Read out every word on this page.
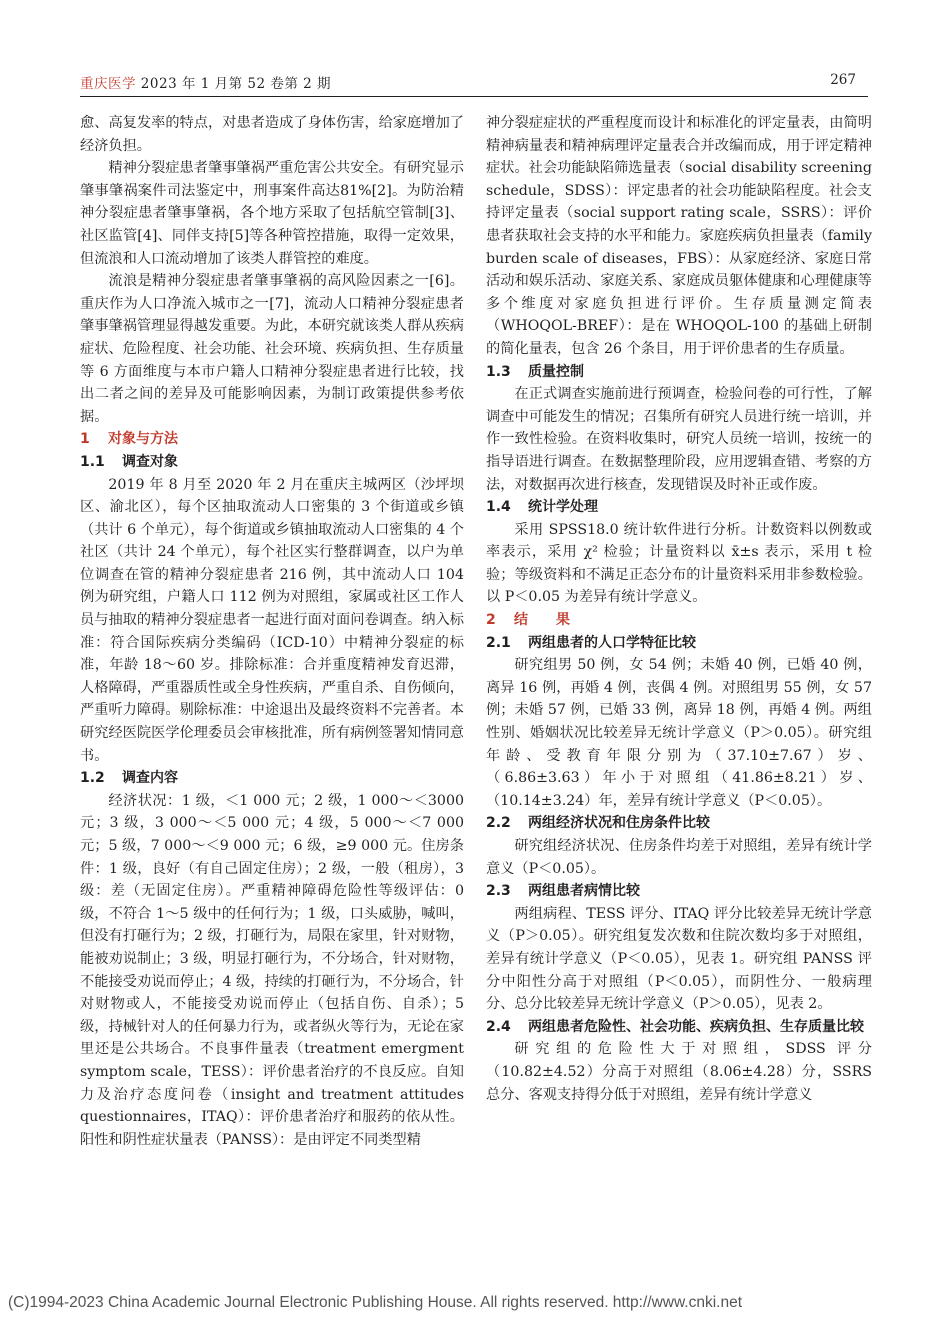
重庆医学 2023 年 1 月第 52 卷第 2 期	267

愈、高复发率的特点，对患者造成了身体伤害，给家庭增加了经济负担。

精神分裂症患者肇事肇祸严重危害公共安全。有研究显示肇事肇祸案件司法鉴定中，刑事案件高达81%[2]。为防治精神分裂症患者肇事肇祸，各个地方采取了包括航空管制[3]、社区监管[4]、同伴支持[5]等各种管控措施，取得一定效果，但流浪和人口流动增加了该类人群管控的难度。

流浪是精神分裂症患者肇事肇祸的高风险因素之一[6]。重庆作为人口净流入城市之一[7]，流动人口精神分裂症患者肇事肇祸管理显得越发重要。为此，本研究就该类人群从疾病症状、危险程度、社会功能、社会环境、疾病负担、生存质量等 6 方面维度与本市户籍人口精神分裂症患者进行比较，找出二者之间的差异及可能影响因素，为制订政策提供参考依据。

1 对象与方法
1.1 调查对象

2019 年 8 月至 2020 年 2 月在重庆主城两区（沙坪坝区、渝北区），每个区抽取流动人口密集的 3 个街道或乡镇（共计 6 个单元），每个街道或乡镇抽取流动人口密集的 4 个社区（共计 24 个单元），每个社区实行整群调查，以户为单位调查在管的精神分裂症患者 216 例，其中流动人口 104 例为研究组，户籍人口 112 例为对照组，家属或社区工作人员与抽取的精神分裂症患者一起进行面对面问卷调查。纳入标准：符合国际疾病分类编码（ICD-10）中精神分裂症的标准，年龄 18～60 岁。排除标准：合并重度精神发育迟滞，人格障碍，严重器质性或全身性疾病，严重自杀、自伤倾向，严重听力障碍。剔除标准：中途退出及最终资料不完善者。本研究经医院医学伦理委员会审核批准，所有病例签署知情同意书。

1.2 调查内容

经济状况：1 级，＜1 000 元；2 级，1 000～＜3000 元；3 级，3 000～＜5 000 元；4 级，5 000～＜7 000 元；5 级，7 000～＜9 000 元；6 级，≥9 000 元。住房条件：1 级，良好（有自己固定住房）；2 级，一般（租房），3 级：差（无固定住房）。严重精神障碍危险性等级评估：0 级，不符合 1～5 级中的任何行为；1 级，口头威胁，喊叫，但没有打砸行为；2 级，打砸行为，局限在家里，针对财物，能被劝说制止；3 级，明显打砸行为，不分场合，针对财物，不能接受劝说而停止；4 级，持续的打砸行为，不分场合，针对财物或人，不能接受劝说而停止（包括自伤、自杀）；5 级，持械针对人的任何暴力行为，或者纵火等行为，无论在家里还是公共场合。不良事件量表（treatment emergment symptom scale，TESS）：评价患者治疗的不良反应。自知力及治疗态度问卷（insight and treatment attitudes questionnaires，ITAQ）：评价患者治疗和服药的依从性。阳性和阴性症状量表（PANSS）：是由评定不同类型精

神分裂症症状的严重程度而设计和标准化的评定量表，由简明精神病量表和精神病理评定量表合并改编而成，用于评定精神症状。社会功能缺陷筛选量表（social disability screening schedule，SDSS）：评定患者的社会功能缺陷程度。社会支持评定量表（social support rating scale，SSRS）：评价患者获取社会支持的水平和能力。家庭疾病负担量表（family burden scale of diseases，FBS）：从家庭经济、家庭日常活动和娱乐活动、家庭关系、家庭成员躯体健康和心理健康等多个维度对家庭负担进行评价。生存质量测定简表（WHOQOL-BREF）：是在 WHOQOL-100 的基础上研制的简化量表，包含 26 个条目，用于评价患者的生存质量。

1.3 质量控制

在正式调查实施前进行预调查，检验问卷的可行性，了解调查中可能发生的情况；召集所有研究人员进行统一培训，并作一致性检验。在资料收集时，研究人员统一培训，按统一的指导语进行调查。在数据整理阶段，应用逻辑查错、考察的方法，对数据再次进行核查，发现错误及时补正或作废。

1.4 统计学处理

采用 SPSS18.0 统计软件进行分析。计数资料以例数或率表示，采用 χ² 检验；计量资料以 x̄±s 表示，采用 t 检验；等级资料和不满足正态分布的计量资料采用非参数检验。以 P＜0.05 为差异有统计学意义。

2 结　　果
2.1 两组患者的人口学特征比较

研究组男 50 例，女 54 例；未婚 40 例，已婚 40 例，离异 16 例，再婚 4 例，丧偶 4 例。对照组男 55 例，女 57 例；未婚 57 例，已婚 33 例，离异 18 例，再婚 4 例。两组性别、婚姻状况比较差异无统计学意义（P＞0.05）。研究组年龄、受教育年限分别为（37.10±7.67）岁、（6.86±3.63）年小于对照组（41.86±8.21）岁、（10.14±3.24）年，差异有统计学意义（P＜0.05）。

2.2 两组经济状况和住房条件比较

研究组经济状况、住房条件均差于对照组，差异有统计学意义（P＜0.05）。

2.3 两组患者病情比较

两组病程、TESS 评分、ITAQ 评分比较差异无统计学意义（P＞0.05）。研究组复发次数和住院次数均多于对照组，差异有统计学意义（P＜0.05），见表 1。研究组 PANSS 评分中阳性分高于对照组（P＜0.05），而阴性分、一般病理分、总分比较差异无统计学意义（P＞0.05），见表 2。

2.4 两组患者危险性、社会功能、疾病负担、生存质量比较

研究组的危险性大于对照组，SDSS 评分（10.82±4.52）分高于对照组（8.06±4.28）分，SSRS 总分、客观支持得分低于对照组，差异有统计学意义

(C)1994-2023 China Academic Journal Electronic Publishing House. All rights reserved. http://www.cnki.net
